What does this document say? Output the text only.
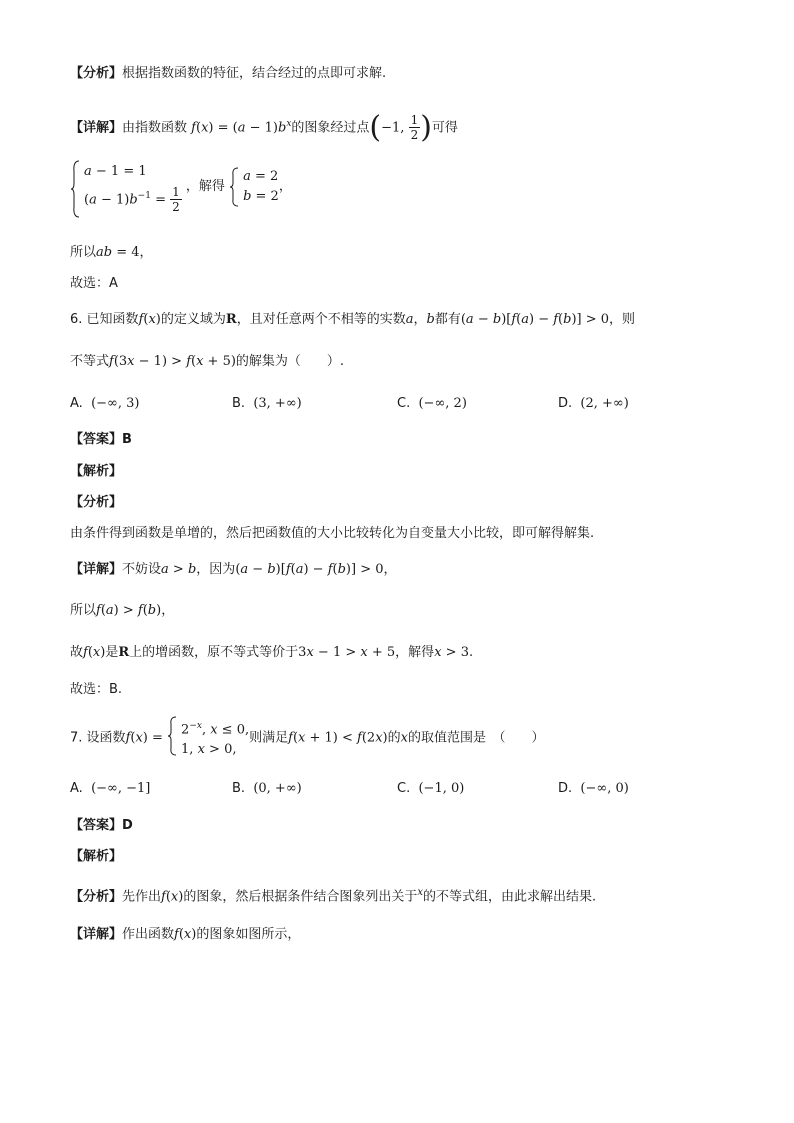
【分析】根据指数函数的特征，结合经过的点即可求解.
【详解】由指数函数 $f(x) = (a - 1)b^x$的图象经过点(−1, $\frac{1}{2}$ )可得
a − 1 = 1
$(a - 1)b^{-1} = \frac{1}{2}$ ，解得
a = 2
b = 2
，
所以ab = 4，
故选：A
6. 已知函数f(x)的定义域为R，且对任意两个不相等的实数a，b都有(a − b)[f(a) − f(b)] > 0，则
不等式f(3x − 1) > f(x + 5)的解集为（　　）.
A. (−∞, 3)	B. (3, +∞)	C. (−∞, 2)	D. (2, +∞)
【答案】B
【解析】
【分析】
由条件得到函数是单增的，然后把函数值的大小比较转化为自变量大小比较，即可解得解集.
【详解】不妨设a > b，因为(a − b)[f(a) − f(b)] > 0，
所以f(a) > f(b)，
故f(x)是R上的增函数，原不等式等价于3x − 1 > x + 5，解得x > 3.
故选：B.
7. 设函数f(x) =
$2^{-x}$, x ≤ 0,
1, x > 0,
则满足f(x + 1) < f(2x)的x的取值范围是　（　　）
A. (−∞, −1]	B. (0, +∞)	C. (−1, 0)	D. (−∞, 0)
【答案】D
【解析】
【分析】先作出f(x)的图象，然后根据条件结合图象列出关于$^x$的不等式组，由此求解出结果.
【详解】作出函数f(x)的图象如图所示，
